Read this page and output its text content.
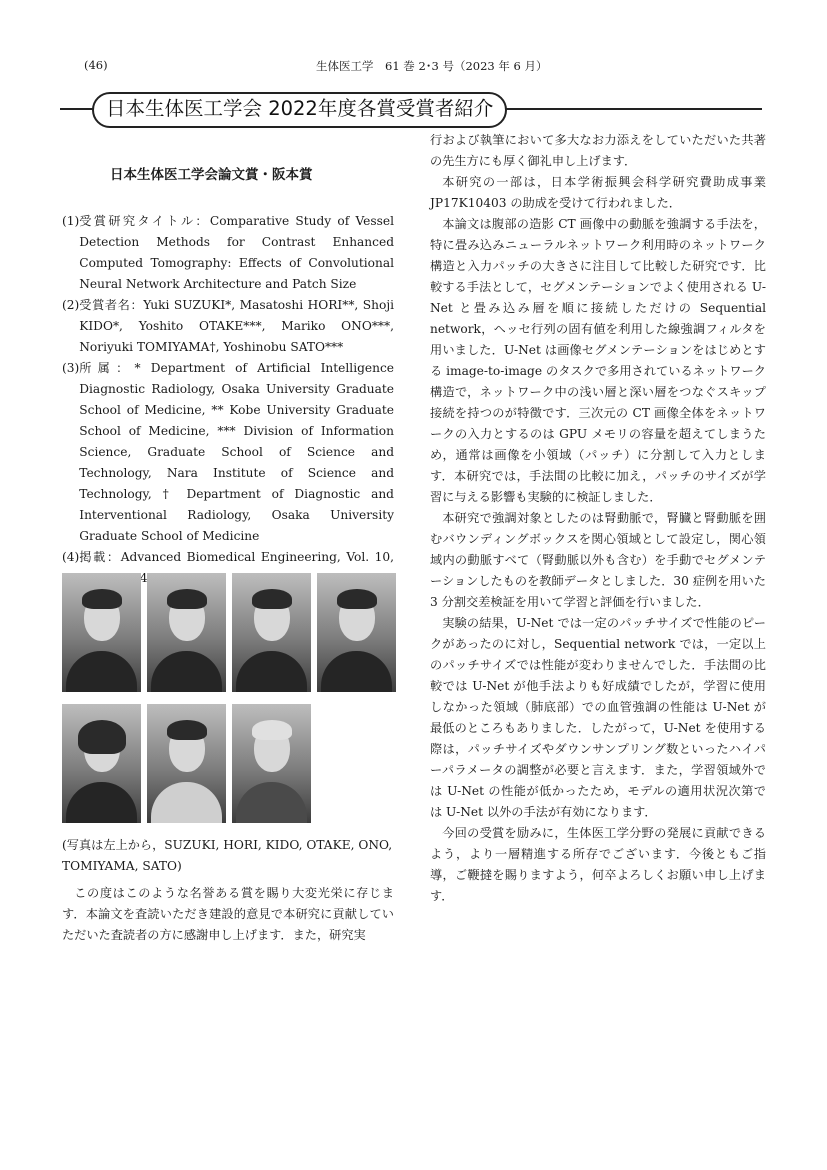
(46)	生体医工学　61 巻 2･3 号（2023 年 6 月）
日本生体医工学会 2022年度各賞受賞者紹介
日本生体医工学会論文賞・阪本賞
(1) 受賞研究タイトル：Comparative Study of Vessel Detection Methods for Contrast Enhanced Computed Tomography: Effects of Convolutional Neural Network Architecture and Patch Size
(2) 受賞者名：Yuki SUZUKI*, Masatoshi HORI**, Shoji KIDO*, Yoshito OTAKE***, Mariko ONO***, Noriyuki TOMIYAMA†, Yoshinobu SATO***
(3) 所属：* Department of Artificial Intelligence Diagnostic Radiology, Osaka University Graduate School of Medicine, ** Kobe University Graduate School of Medicine, *** Division of Information Science, Graduate School of Science and Technology, Nara Institute of Science and Technology, † Department of Diagnostic and Interventional Radiology, Osaka University Graduate School of Medicine
(4) 掲載：Advanced Biomedical Engineering, Vol. 10,
(写真は左上から，SUZUKI, HORI, KIDO, OTAKE, ONO, TOMIYAMA, SATO)

この度はこのような名誉ある賞を賜り大変光栄に存じます．本論文を査読いただき建設的意見で本研究に貢献していただいた査読者の方に感謝申し上げます．また，研究実

行および執筆において多大なお力添えをしていただいた共著の先生方にも厚く御礼申し上げます．

本研究の一部は，日本学術振興会科学研究費助成事業 JP17K10403 の助成を受けて行われました．

本論文は腹部の造影 CT 画像中の動脈を強調する手法を，特に畳み込みニューラルネットワーク利用時のネットワーク構造と入力パッチの大きさに注目して比較した研究です．比較する手法として，セグメンテーションでよく使用される U-Net と畳み込み層を順に接続しただけの Sequential network，ヘッセ行列の固有値を利用した線強調フィルタを用いました．U-Net は画像セグメンテーションをはじめとする image-to-image のタスクで多用されているネットワーク構造で，ネットワーク中の浅い層と深い層をつなぐスキップ接続を持つのが特徴です．三次元の CT 画像全体をネットワークの入力とするのは GPU メモリの容量を超えてしまうため，通常は画像を小領域（パッチ）に分割して入力とします．本研究では，手法間の比較に加え，パッチのサイズが学習に与える影響も実験的に検証しました．

本研究で強調対象としたのは腎動脈で，腎臓と腎動脈を囲むバウンディングボックスを関心領域として設定し，関心領域内の動脈すべて（腎動脈以外も含む）を手動でセグメンテーションしたものを教師データとしました．30 症例を用いた 3 分割交差検証を用いて学習と評価を行いました．

実験の結果，U-Net では一定のパッチサイズで性能のピークがあったのに対し，Sequential network では，一定以上のパッチサイズでは性能が変わりませんでした．手法間の比較では U-Net が他手法よりも好成績でしたが，学習に使用しなかった領域（肺底部）での血管強調の性能は U-Net が最低のところもありました．したがって，U-Net を使用する際は，パッチサイズやダウンサンプリング数といったハイパーパラメータの調整が必要と言えます．また，学習領域外では U-Net の性能が低かったため，モデルの適用状況次第では U-Net 以外の手法が有効になります．

今回の受賞を励みに，生体医工学分野の発展に貢献できるよう，より一層精進する所存でございます．今後ともご指導，ご鞭撻を賜りますよう，何卒よろしくお願い申し上げます．
